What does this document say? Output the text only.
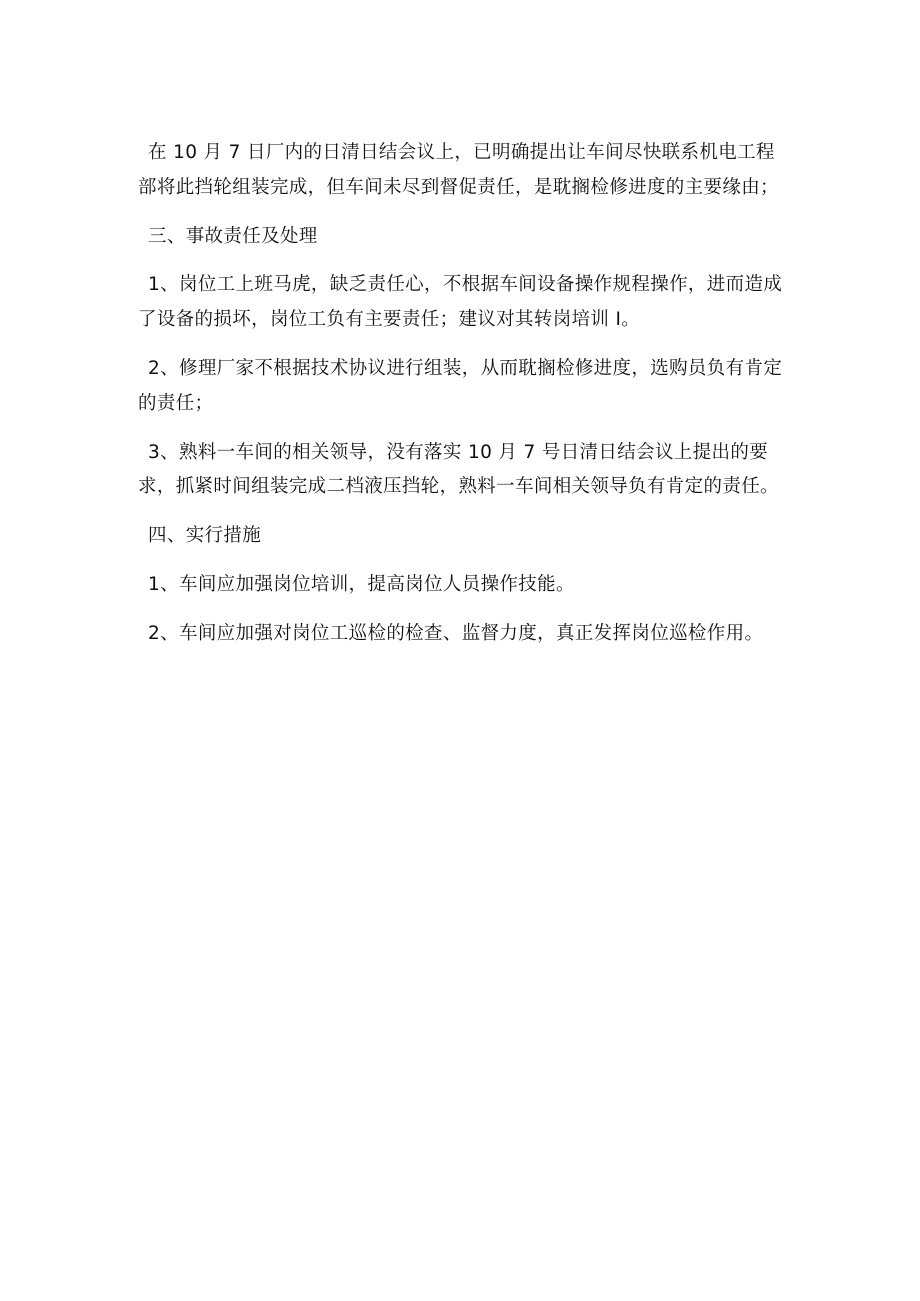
在 10 月 7 日厂内的日清日结会议上，已明确提出让车间尽快联系机电工程部将此挡轮组装完成，但车间未尽到督促责任，是耽搁检修进度的主要缘由；

三、事故责任及处理

1、岗位工上班马虎，缺乏责任心，不根据车间设备操作规程操作，进而造成了设备的损坏，岗位工负有主要责任；建议对其转岗培训 I。

2、修理厂家不根据技术协议进行组装，从而耽搁检修进度，选购员负有肯定的责任；

3、熟料一车间的相关领导，没有落实 10 月 7 号日清日结会议上提出的要求，抓紧时间组装完成二档液压挡轮，熟料一车间相关领导负有肯定的责任。

四、实行措施

1、车间应加强岗位培训，提高岗位人员操作技能。

2、车间应加强对岗位工巡检的检查、监督力度，真正发挥岗位巡检作用。
